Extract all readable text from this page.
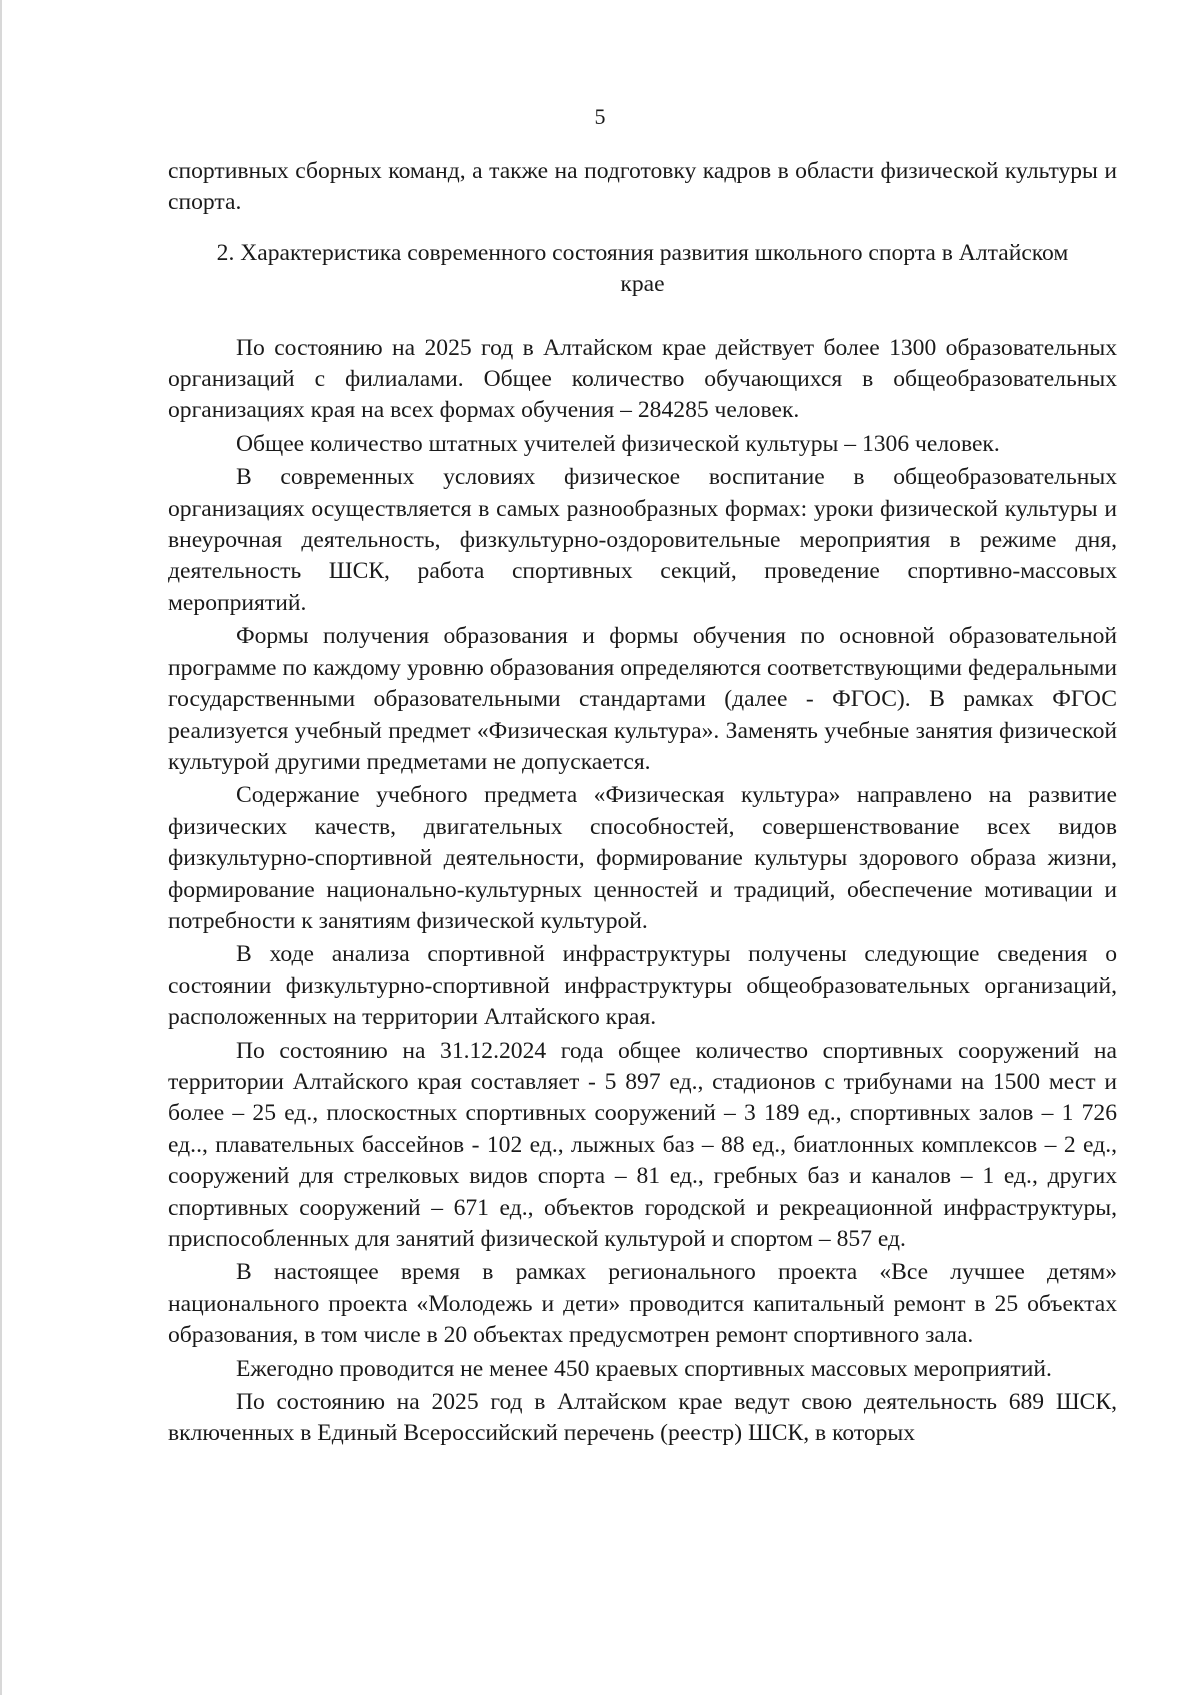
5

спортивных сборных команд, а также на подготовку кадров в области физической культуры и спорта.

2. Характеристика современного состояния развития школьного спорта в Алтайском крае

По состоянию на 2025 год в Алтайском крае действует более 1300 образовательных организаций с филиалами. Общее количество обучающихся в общеобразовательных организациях края на всех формах обучения – 284285 человек.

Общее количество штатных учителей физической культуры – 1306 человек.

В современных условиях физическое воспитание в общеобразовательных организациях осуществляется в самых разнообразных формах: уроки физической культуры и внеурочная деятельность, физкультурно-оздоровительные мероприятия в режиме дня, деятельность ШСК, работа спортивных секций, проведение спортивно-массовых мероприятий.

Формы получения образования и формы обучения по основной образовательной программе по каждому уровню образования определяются соответствующими федеральными государственными образовательными стандартами (далее - ФГОС). В рамках ФГОС реализуется учебный предмет «Физическая культура». Заменять учебные занятия физической культурой другими предметами не допускается.

Содержание учебного предмета «Физическая культура» направлено на развитие физических качеств, двигательных способностей, совершенствование всех видов физкультурно-спортивной деятельности, формирование культуры здорового образа жизни, формирование национально-культурных ценностей и традиций, обеспечение мотивации и потребности к занятиям физической культурой.

В ходе анализа спортивной инфраструктуры получены следующие сведения о состоянии физкультурно-спортивной инфраструктуры общеобразовательных организаций, расположенных на территории Алтайского края.

По состоянию на 31.12.2024 года общее количество спортивных сооружений на территории Алтайского края составляет - 5 897 ед., стадионов с трибунами на 1500 мест и более – 25 ед., плоскостных спортивных сооружений – 3 189 ед., спортивных залов – 1 726 ед.., плавательных бассейнов - 102 ед., лыжных баз – 88 ед., биатлонных комплексов – 2 ед., сооружений для стрелковых видов спорта – 81 ед., гребных баз и каналов – 1 ед., других спортивных сооружений – 671 ед., объектов городской и рекреационной инфраструктуры, приспособленных для занятий физической культурой и спортом – 857 ед.

В настоящее время в рамках регионального проекта «Все лучшее детям» национального проекта «Молодежь и дети» проводится капитальный ремонт в 25 объектах образования, в том числе в 20 объектах предусмотрен ремонт спортивного зала.

Ежегодно проводится не менее 450 краевых спортивных массовых мероприятий.

По состоянию на 2025 год в Алтайском крае ведут свою деятельность 689 ШСК, включенных в Единый Всероссийский перечень (реестр) ШСК, в которых
